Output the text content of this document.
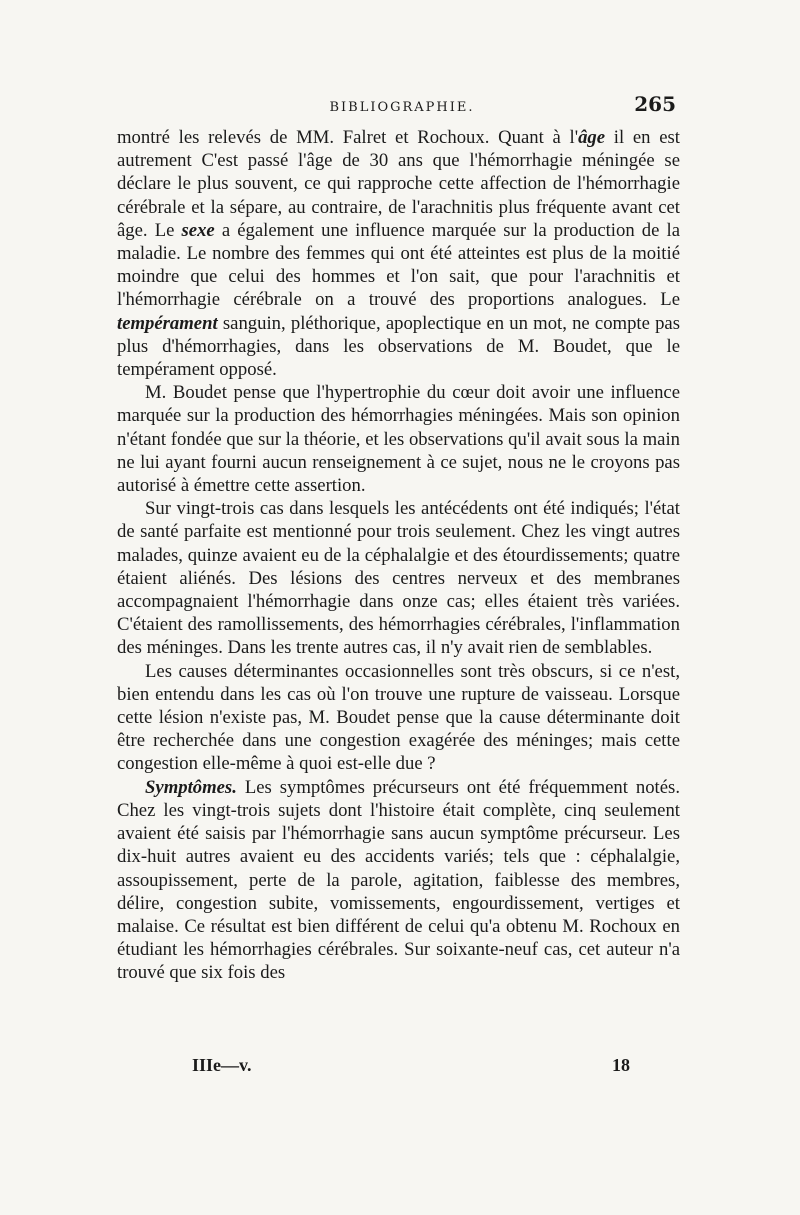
BIBLIOGRAPHIE.	265

montré les relevés de MM. Falret et Rochoux. Quant à l'âge il en est autrement C'est passé l'âge de 30 ans que l'hémorrhagie méningée se déclare le plus souvent, ce qui rapproche cette affection de l'hémorrhagie cérébrale et la sépare, au contraire, de l'arachnitis plus fréquente avant cet âge. Le sexe a également une influence marquée sur la production de la maladie. Le nombre des femmes qui ont été atteintes est plus de la moitié moindre que celui des hommes et l'on sait, que pour l'arachnitis et l'hémorrhagie cérébrale on a trouvé des proportions analogues. Le tempérament sanguin, pléthorique, apoplectique en un mot, ne compte pas plus d'hémorrhagies, dans les observations de M. Boudet, que le tempérament opposé.

M. Boudet pense que l'hypertrophie du cœur doit avoir une influence marquée sur la production des hémorrhagies méningées. Mais son opinion n'étant fondée que sur la théorie, et les observations qu'il avait sous la main ne lui ayant fourni aucun renseignement à ce sujet, nous ne le croyons pas autorisé à émettre cette assertion.

Sur vingt-trois cas dans lesquels les antécédents ont été indiqués; l'état de santé parfaite est mentionné pour trois seulement. Chez les vingt autres malades, quinze avaient eu de la céphalalgie et des étourdissements; quatre étaient aliénés. Des lésions des centres nerveux et des membranes accompagnaient l'hémorrhagie dans onze cas; elles étaient très variées. C'étaient des ramollissements, des hémorrhagies cérébrales, l'inflammation des méninges. Dans les trente autres cas, il n'y avait rien de semblables.

Les causes déterminantes occasionnelles sont très obscurs, si ce n'est, bien entendu dans les cas où l'on trouve une rupture de vaisseau. Lorsque cette lésion n'existe pas, M. Boudet pense que la cause déterminante doit être recherchée dans une congestion exagérée des méninges; mais cette congestion elle-même à quoi est-elle due ?

Symptômes. Les symptômes précurseurs ont été fréquemment notés. Chez les vingt-trois sujets dont l'histoire était complète, cinq seulement avaient été saisis par l'hémorrhagie sans aucun symptôme précurseur. Les dix-huit autres avaient eu des accidents variés; tels que : céphalalgie, assoupissement, perte de la parole, agitation, faiblesse des membres, délire, congestion subite, vomissements, engourdissement, vertiges et malaise. Ce résultat est bien différent de celui qu'a obtenu M. Rochoux en étudiant les hémorrhagies cérébrales. Sur soixante-neuf cas, cet auteur n'a trouvé que six fois des

IIIe—v.	18
